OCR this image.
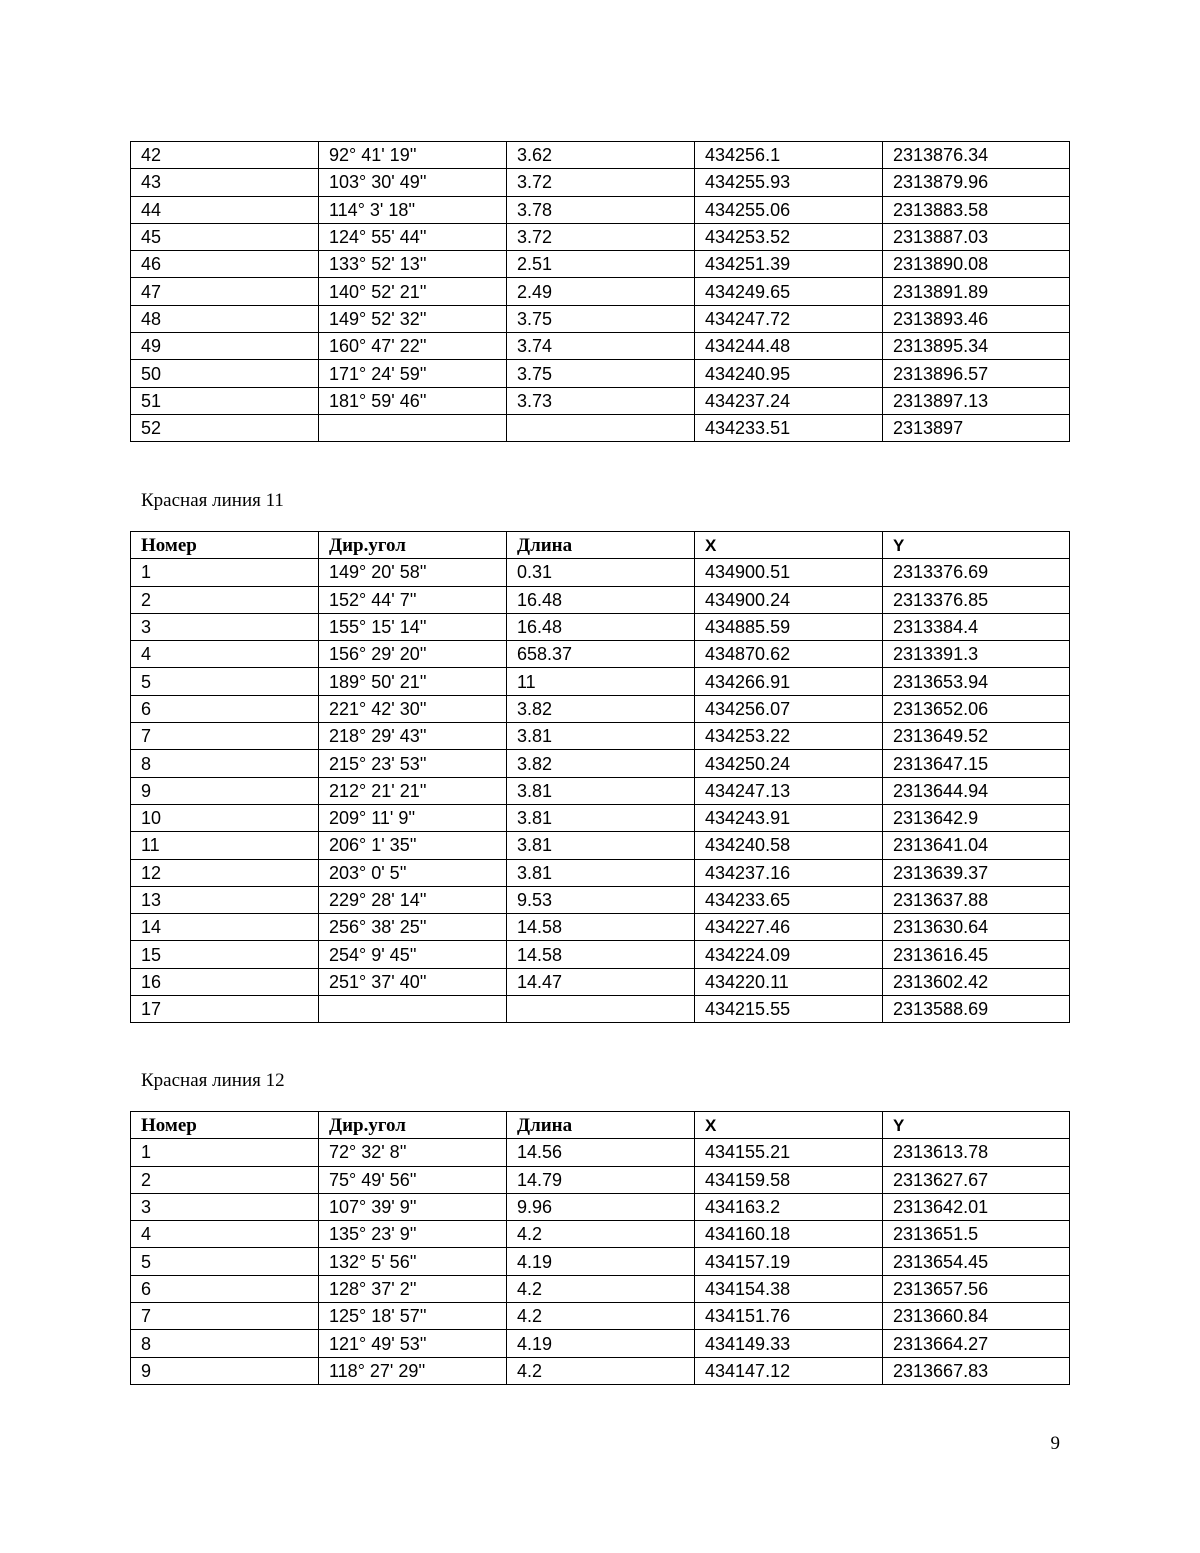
42	92° 41' 19''	3.62	434256.1	2313876.34
43	103° 30' 49''	3.72	434255.93	2313879.96
44	114° 3' 18''	3.78	434255.06	2313883.58
45	124° 55' 44''	3.72	434253.52	2313887.03
46	133° 52' 13''	2.51	434251.39	2313890.08
47	140° 52' 21''	2.49	434249.65	2313891.89
48	149° 52' 32''	3.75	434247.72	2313893.46
49	160° 47' 22''	3.74	434244.48	2313895.34
50	171° 24' 59''	3.75	434240.95	2313896.57
51	181° 59' 46''	3.73	434237.24	2313897.13
52			434233.51	2313897
Красная линия 11
Номер	Дир.угол	Длина	X	Y
1	149° 20' 58''	0.31	434900.51	2313376.69
2	152° 44' 7''	16.48	434900.24	2313376.85
3	155° 15' 14''	16.48	434885.59	2313384.4
4	156° 29' 20''	658.37	434870.62	2313391.3
5	189° 50' 21''	11	434266.91	2313653.94
6	221° 42' 30''	3.82	434256.07	2313652.06
7	218° 29' 43''	3.81	434253.22	2313649.52
8	215° 23' 53''	3.82	434250.24	2313647.15
9	212° 21' 21''	3.81	434247.13	2313644.94
10	209° 11' 9''	3.81	434243.91	2313642.9
11	206° 1' 35''	3.81	434240.58	2313641.04
12	203° 0' 5''	3.81	434237.16	2313639.37
13	229° 28' 14''	9.53	434233.65	2313637.88
14	256° 38' 25''	14.58	434227.46	2313630.64
15	254° 9' 45''	14.58	434224.09	2313616.45
16	251° 37' 40''	14.47	434220.11	2313602.42
17			434215.55	2313588.69
Красная линия 12
Номер	Дир.угол	Длина	X	Y
1	72° 32' 8''	14.56	434155.21	2313613.78
2	75° 49' 56''	14.79	434159.58	2313627.67
3	107° 39' 9''	9.96	434163.2	2313642.01
4	135° 23' 9''	4.2	434160.18	2313651.5
5	132° 5' 56''	4.19	434157.19	2313654.45
6	128° 37' 2''	4.2	434154.38	2313657.56
7	125° 18' 57''	4.2	434151.76	2313660.84
8	121° 49' 53''	4.19	434149.33	2313664.27
9	118° 27' 29''	4.2	434147.12	2313667.83
9
